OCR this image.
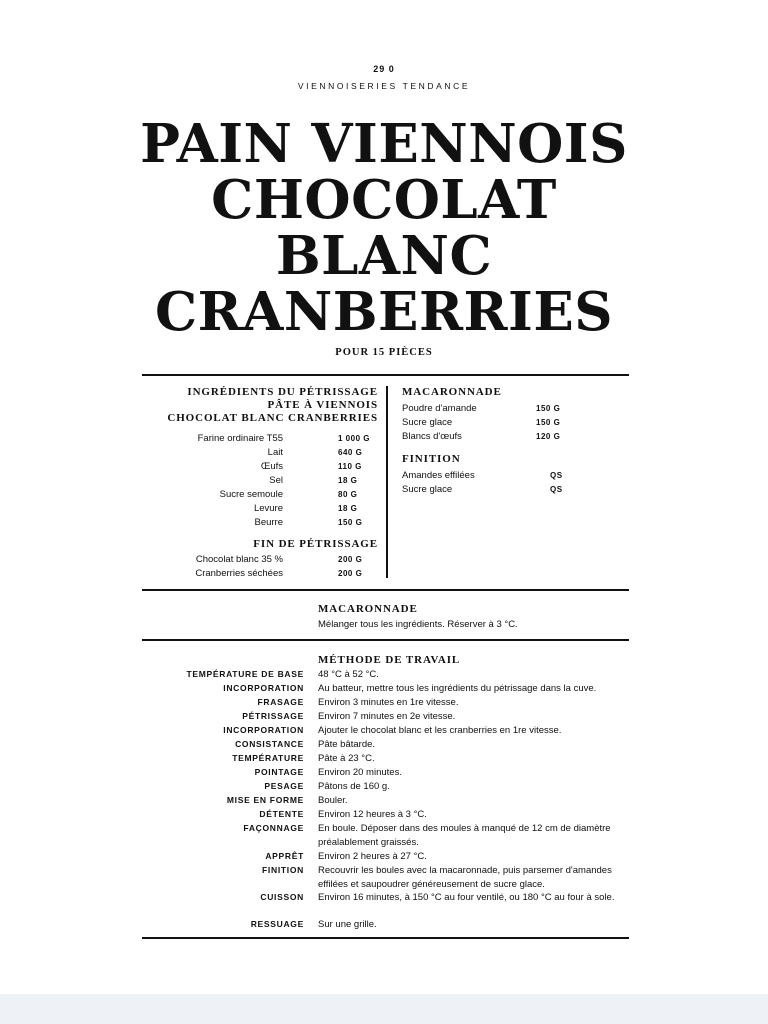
29 0
VIENNOISERIES TENDANCE
PAIN VIENNOIS
CHOCOLAT
BLANC
CRANBERRIES
POUR 15 PIÈCES
INGRÉDIENTS DU PÉTRISSAGE
PÂTE À VIENNOIS
CHOCOLAT BLANC CRANBERRIES
Farine ordinaire T55	1 000 G
Lait	640 G
Œufs	110 G
Sel	18 G
Sucre semoule	80 G
Levure	18 G
Beurre	150 G
FIN DE PÉTRISSAGE
Chocolat blanc 35 %	200 G
Cranberries séchées	200 G
MACARONNADE
Poudre d'amande	150 G
Sucre glace	150 G
Blancs d'œufs	120 G
FINITION
Amandes effilées	QS
Sucre glace	QS
MACARONNADE
Mélanger tous les ingrédients. Réserver à 3 °C.
MÉTHODE DE TRAVAIL
TEMPÉRATURE DE BASE 48 °C à 52 °C.
INCORPORATION Au batteur, mettre tous les ingrédients du pétrissage dans la cuve.
FRASAGE Environ 3 minutes en 1re vitesse.
PÉTRISSAGE Environ 7 minutes en 2e vitesse.
INCORPORATION Ajouter le chocolat blanc et les cranberries en 1re vitesse.
CONSISTANCE Pâte bâtarde.
TEMPÉRATURE Pâte à 23 °C.
POINTAGE Environ 20 minutes.
PESAGE Pâtons de 160 g.
MISE EN FORME Bouler.
DÉTENTE Environ 12 heures à 3 °C.
FAÇONNAGE En boule. Déposer dans des moules à manqué de 12 cm de diamètre préalablement graissés.
APPRÊT Environ 2 heures à 27 °C.
FINITION Recouvrir les boules avec la macaronnade, puis parsemer d'amandes effilées et saupoudrer généreusement de sucre glace.
CUISSON Environ 16 minutes, à 150 °C au four ventilé, ou 180 °C au four à sole.
RESSUAGE Sur une grille.
